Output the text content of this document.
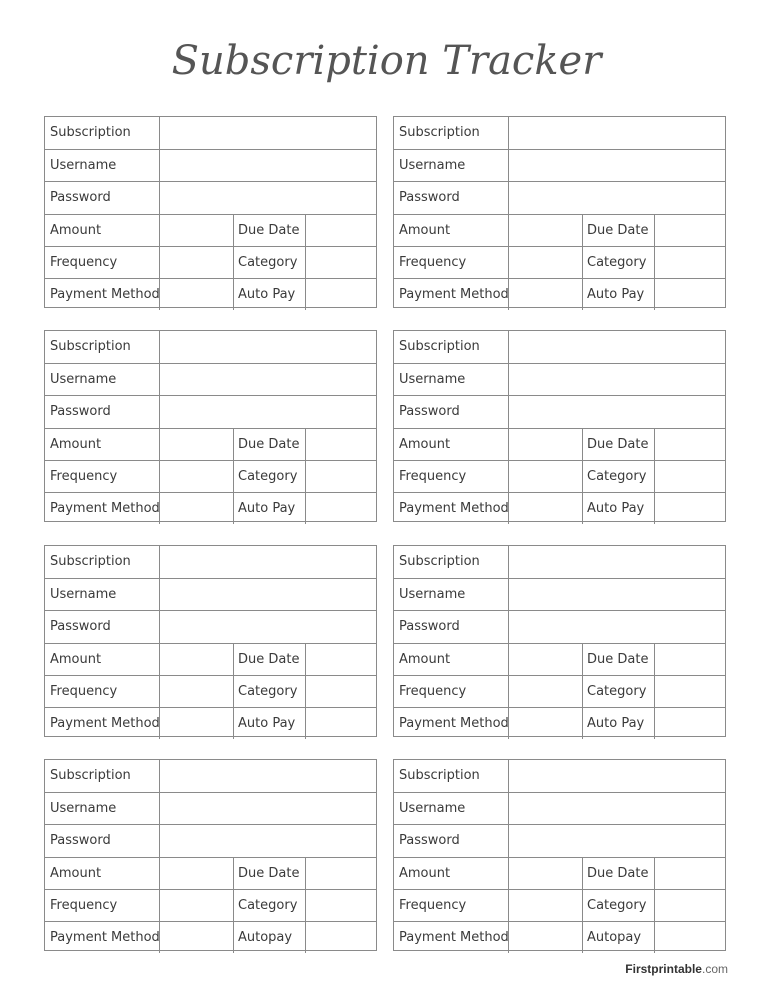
Subscription Tracker
Subscription
Username
Password
Amount	Due Date
Frequency	Category
Payment Method	Auto Pay
Subscription
Username
Password
Amount	Due Date
Frequency	Category
Payment Method	Auto Pay
Subscription
Username
Password
Amount	Due Date
Frequency	Category
Payment Method	Auto Pay
Subscription
Username
Password
Amount	Due Date
Frequency	Category
Payment Method	Auto Pay
Subscription
Username
Password
Amount	Due Date
Frequency	Category
Payment Method	Auto Pay
Subscription
Username
Password
Amount	Due Date
Frequency	Category
Payment Method	Auto Pay
Subscription
Username
Password
Amount	Due Date
Frequency	Category
Payment Method	Autopay
Subscription
Username
Password
Amount	Due Date
Frequency	Category
Payment Method	Autopay
Firstprintable.com
